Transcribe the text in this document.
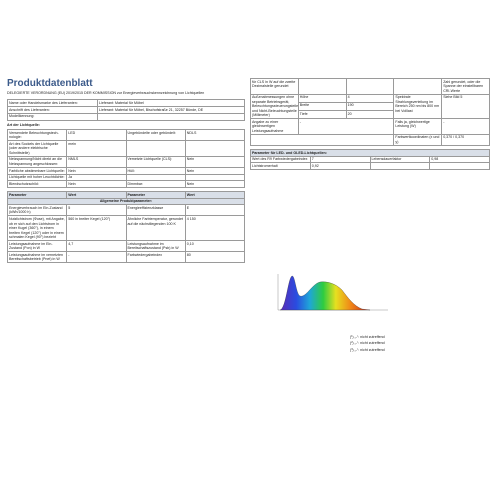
Produktdatenblatt
DELEGIERTE VERORDNUNG (EU) 2019/2015 DER KOMMISSION zur Energieverbrauchskennzeichnung von Lichtquellen
Name oder Handelsmarke des Lieferanten:	Lieferant: Material für Möbel
Anschrift des Lieferanten:	Lieferant: Material für Möbel, Bischofstraße 21, 32257 Bünde, DE
Modellkennung:	
Art der Lichtquelle:
Verwendete Beleuchtungstech-nologie:	LED	Ungebündelte oder gebündelt:	NDLS
Art des Sockels der Lichtquelle (oder andere elektrische Schnittstelle)	mein		
Netzspannung/Nicht direkt an die Netzspannung angeschlossen:	NMLS	Vernetzte Lichtquelle (CLS):	Nein
Farbliche abstimmbare Lichtquelle:	Nein	Hüll:	Nein
Lichtquelle mit hoher Leuchtdichte:	Ja		
Blendschutzschild:	Nein	Dimmbar:	Nein
Parameter	Wert	Parameter	Wert
Allgemeine Produktparameter:			
Energieverbrauch im Ein-Zustand (kWh/1000 h)	5	Energieeffizienzklasse	E
Nutzlichtstrom (Φuse), mit Angabe, ob er sich auf den Lichtstrom in einer Kugel (360°), in einem breiten Kegel (120°) oder in einem schmalen Kegel (90°) bezieht	560 in breiter Kegel (120°)	Ähnliche Farbtemperatur, gerundet auf die nächstliegenden 100 K	4 150
Leistungsaufnahme im Ein-Zustand (Pon) in W	4,7	Leistungsaufnahme im Bereitschaftszustand (Psb) in W	0,10
Leistungsaufnahme im vernetzten Bereitschaftsbetrieb (Pnet) in W	-	Farbwiedergabeindex	80
für CLS in W auf die zweite Dezimalstelle gerundet				Zahl gerundet, oder die Spanne der einstellbaren CRI-Werte
Außenabmessungen ohne separate Betriebsgerät, Beleuchtungssteuerungsteile und Nicht-Beleuchtungsteile (Millimeter)	Höhe	4	Spektrale Strahlungsverteilung im Bereich 250 nm bis 800 nm bei Volllast	Siehe Bild 5
	Breite	190		
	Tiefe	20		
Angabe zu einer gleichwertigen Leistungsaufnahme	-		Falls ja, gleichwertige Leistung (W)	-
			Farbwertkoordinaten (x und y)	0,370 / 0,370
Parameter für LED- und OLED-Lichtquellen:			
Wert des R9 Farbwiedergabeindex	7	Lebensdauerfaktor	0,98
Lichtstromerhalt	0,92		
(¹) „-“: nicht zutreffend
(²) „-“: nicht zutreffend
(³) „-“: nicht zutreffend
